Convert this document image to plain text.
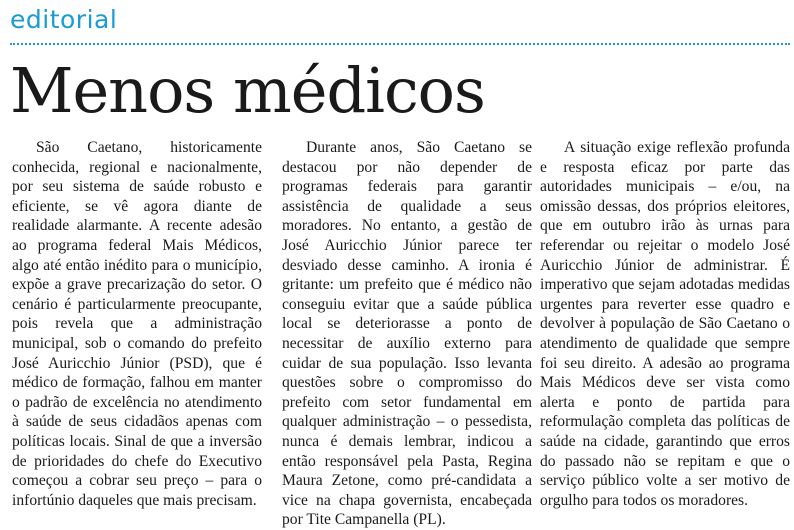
editorial
Menos médicos

São Caetano, historicamente conhecida, regional e nacionalmente, por seu sistema de saúde robusto e eficiente, se vê agora diante de realidade alarmante. A recente adesão ao programa federal Mais Médicos, algo até então inédito para o município, expõe a grave precarização do setor. O cenário é particularmente preocupante, pois revela que a administração municipal, sob o comando do prefeito José Auricchio Júnior (PSD), que é médico de formação, falhou em manter o padrão de excelência no atendimento à saúde de seus cidadãos apenas com políticas locais. Sinal de que a inversão de prioridades do chefe do Executivo começou a cobrar seu preço – para o infortúnio daqueles que mais precisam.

Durante anos, São Caetano se destacou por não depender de programas federais para garantir assistência de qualidade a seus moradores. No entanto, a gestão de José Auricchio Júnior parece ter desviado desse caminho. A ironia é gritante: um prefeito que é médico não conseguiu evitar que a saúde pública local se deteriorasse a ponto de necessitar de auxílio externo para cuidar de sua população. Isso levanta questões sobre o compromisso do prefeito com setor fundamental em qualquer administração – o pessedista, nunca é demais lembrar, indicou a então responsável pela Pasta, Regina Maura Zetone, como pré-candidata a vice na chapa governista, encabeçada por Tite Campanella (PL).

A situação exige reflexão profunda e resposta eficaz por parte das autoridades municipais – e/ou, na omissão dessas, dos próprios eleitores, que em outubro irão às urnas para referendar ou rejeitar o modelo José Auricchio Júnior de administrar. É imperativo que sejam adotadas medidas urgentes para reverter esse quadro e devolver à população de São Caetano o atendimento de qualidade que sempre foi seu direito. A adesão ao programa Mais Médicos deve ser vista como alerta e ponto de partida para reformulação completa das políticas de saúde na cidade, garantindo que erros do passado não se repitam e que o serviço público volte a ser motivo de orgulho para todos os moradores.
